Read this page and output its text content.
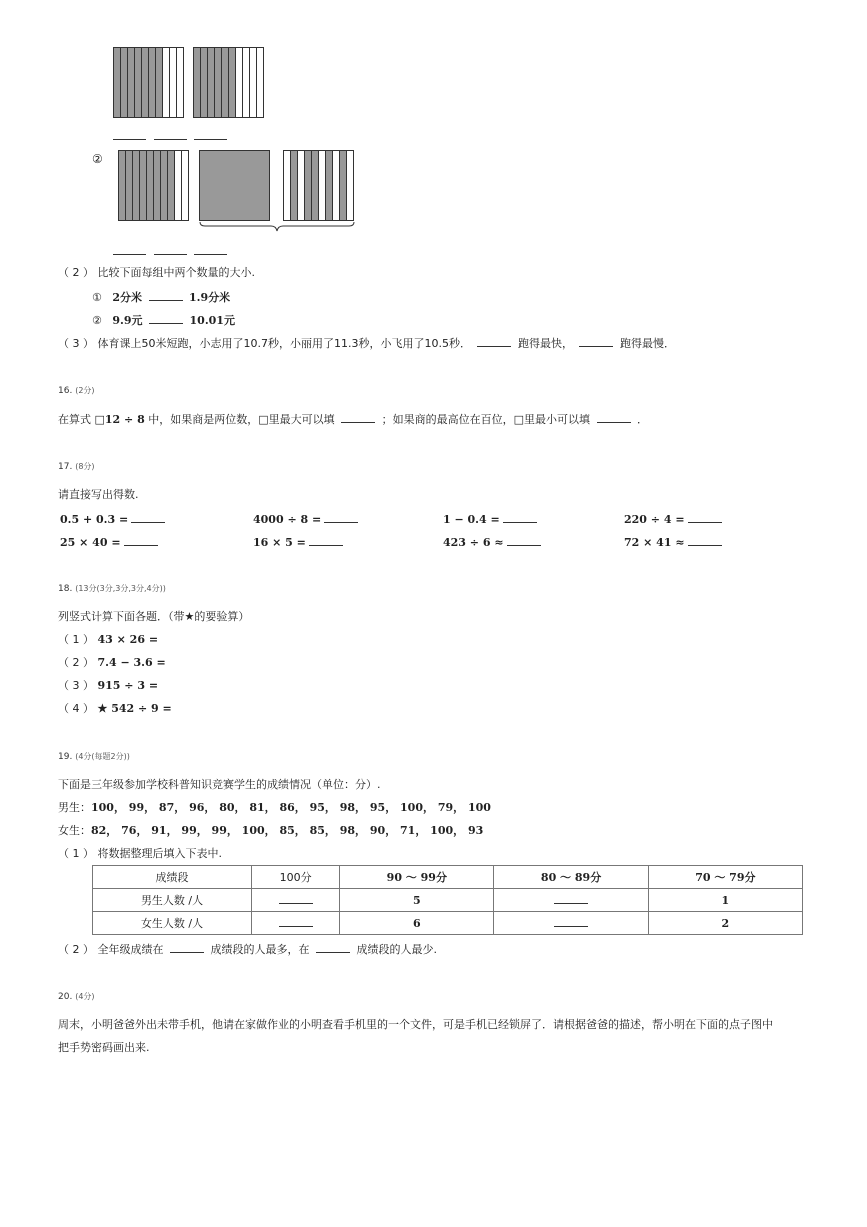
②
（ 2 ） 比较下面每组中两个数量的大小.
① 2分米	1.9分米
② 9.9元	10.01元
（ 3 ） 体育课上50米短跑，小志用了10.7秒，小丽用了11.3秒，小飞用了10.5秒．	跑得最快，	跑得最慢．
16. (2分)
在算式 □12 ÷ 8 中，如果商是两位数，□里最大可以填	；如果商的最高位在百位，□里最小可以填	．
17. (8分)
请直接写出得数.
0.5 + 0.3 =	4000 ÷ 8 =	1 − 0.4 =	220 ÷ 4 =
25 × 40 =	16 × 5 =	423 ÷ 6 ≈	72 × 41 ≈
18. (13分(3分,3分,3分,4分))
列竖式计算下面各题．（带★的要验算）
（ 1 ） 43 × 26 =
（ 2 ） 7.4 − 3.6 =
（ 3 ） 915 ÷ 3 =
（ 4 ） ★ 542 ÷ 9 =
19. (4分(每题2分))
下面是三年级参加学校科普知识竞赛学生的成绩情况（单位：分）.
男生：100， 99， 87， 96， 80， 81， 86， 95， 98， 95， 100， 79， 100
女生：82， 76， 91， 99， 99， 100， 85， 85， 98， 90， 71， 100， 93
（ 1 ） 将数据整理后填入下表中.
成绩段	100分	90 ～ 99分	80 ～ 89分	70 ～ 79分
男生人数 /人		5		1
女生人数 /人		6		2
（ 2 ） 全年级成绩在	成绩段的人最多，在	成绩段的人最少.
20. (4分)
周末，小明爸爸外出未带手机，他请在家做作业的小明查看手机里的一个文件，可是手机已经锁屏了．请根据爸爸的描述，帮小明在下面的点子图中
把手势密码画出来.
